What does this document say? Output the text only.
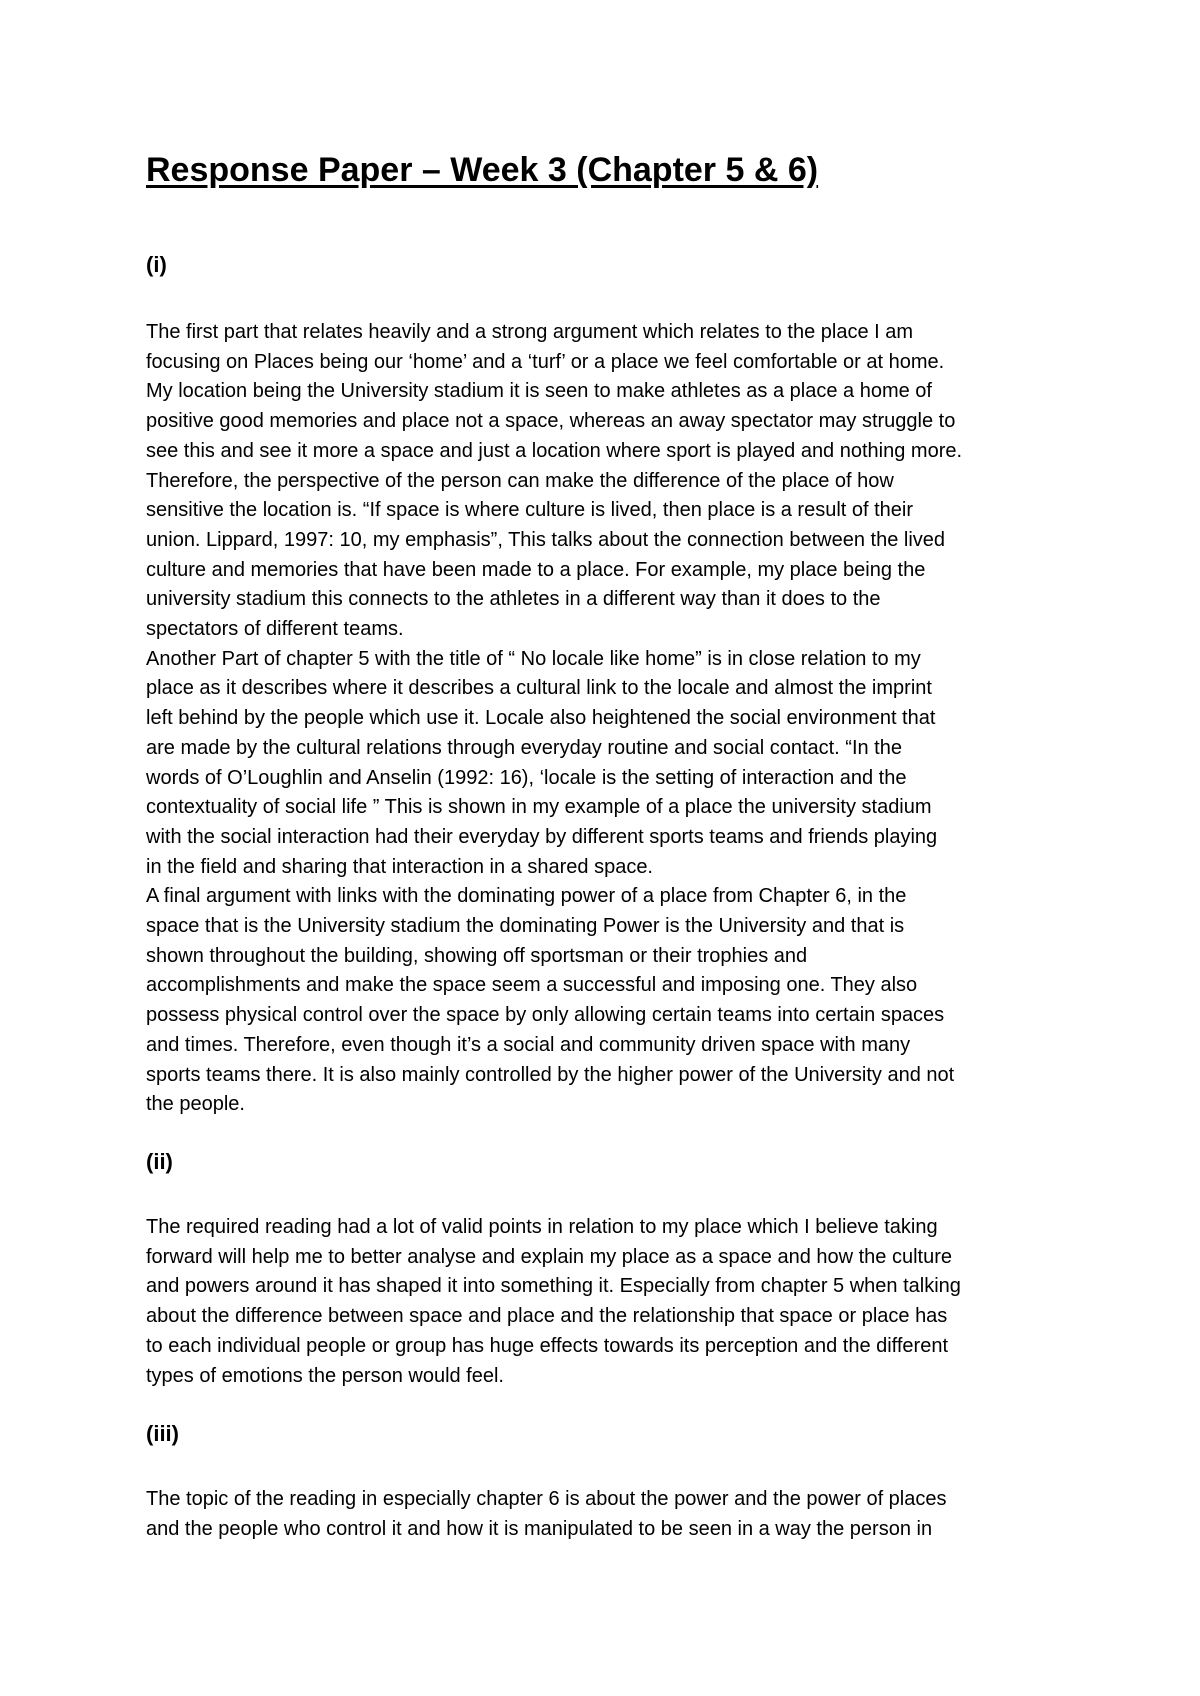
Response Paper – Week 3 (Chapter 5 & 6)
(i)

The first part that relates heavily and a strong argument which relates to the place I am
focusing on Places being our ‘home’ and a ‘turf’ or a place we feel comfortable or at home.
My location being the University stadium it is seen to make athletes as a place a home of
positive good memories and place not a space, whereas an away spectator may struggle to
see this and see it more a space and just a location where sport is played and nothing more.
Therefore, the perspective of the person can make the difference of the place of how
sensitive the location is. “If space is where culture is lived, then place is a result of their
union. Lippard, 1997: 10, my emphasis”, This talks about the connection between the lived
culture and memories that have been made to a place. For example, my place being the
university stadium this connects to the athletes in a different way than it does to the
spectators of different teams.
Another Part of chapter 5 with the title of “ No locale like home” is in close relation to my
place as it describes where it describes a cultural link to the locale and almost the imprint
left behind by the people which use it. Locale also heightened the social environment that
are made by the cultural relations through everyday routine and social contact. “In the
words of O’Loughlin and Anselin (1992: 16), ‘locale is the setting of interaction and the
contextuality of social life ” This is shown in my example of a place the university stadium
with the social interaction had their everyday by different sports teams and friends playing
in the field and sharing that interaction in a shared space.
A final argument with links with the dominating power of a place from Chapter 6, in the
space that is the University stadium the dominating Power is the University and that is
shown throughout the building, showing off sportsman or their trophies and
accomplishments and make the space seem a successful and imposing one. They also
possess physical control over the space by only allowing certain teams into certain spaces
and times. Therefore, even though it’s a social and community driven space with many
sports teams there. It is also mainly controlled by the higher power of the University and not
the people.

(ii)

The required reading had a lot of valid points in relation to my place which I believe taking
forward will help me to better analyse and explain my place as a space and how the culture
and powers around it has shaped it into something it. Especially from chapter 5 when talking
about the difference between space and place and the relationship that space or place has
to each individual people or group has huge effects towards its perception and the different
types of emotions the person would feel.

(iii)

The topic of the reading in especially chapter 6 is about the power and the power of places
and the people who control it and how it is manipulated to be seen in a way the person in
